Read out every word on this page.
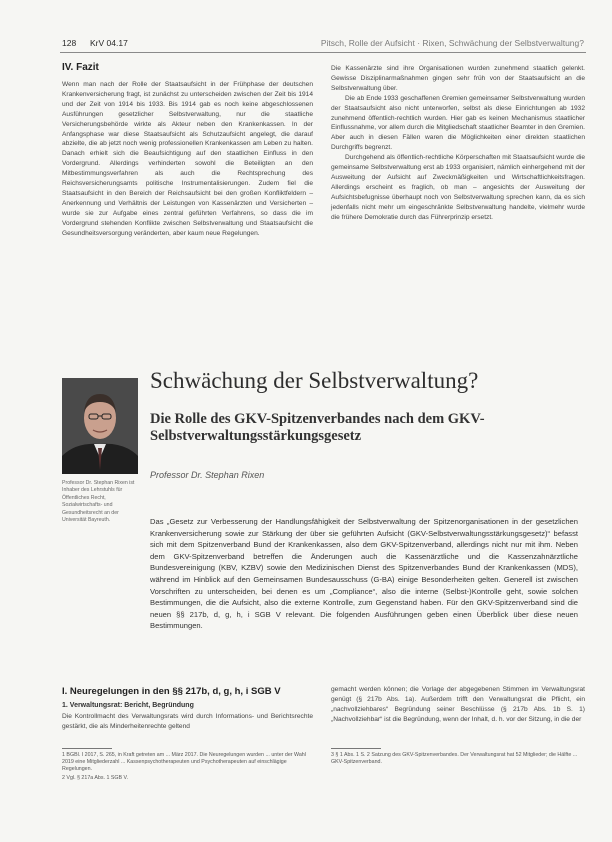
128 KrV 04.17	Pitsch, Rolle der Aufsicht · Rixen, Schwächung der Selbstverwaltung?
IV. Fazit

Wenn man nach der Rolle der Staatsaufsicht in der Frühphase der deutschen Krankenversicherung fragt, ist zunächst zu unterscheiden zwischen der Zeit bis 1914 und der Zeit von 1914 bis 1933. Bis 1914 gab es noch keine abgeschlossenen Ausführungen gesetzlicher Selbstverwaltung, nur die staatliche Versicherungsbehörde wirkte als Akteur neben den Krankenkassen. In der Anfangsphase war diese Staatsaufsicht als Schutzaufsicht angelegt, die darauf abzielte, die ab jetzt noch wenig professionellen Krankenkassen am Leben zu halten. Danach erhielt sich die Beaufsichtigung auf den staatlichen Einfluss in den Vordergrund. Allerdings verhinderten sowohl die Beteiligten an den Mitbestimmungsverfahren als auch die Rechtsprechung des Reichsversicherungsamts politische Instrumentalisierungen. Zudem fiel die Staatsaufsicht in den Bereich der Reichsaufsicht bei den großen Konfliktfeldern – Anerkennung und Verhältnis der Leistungen von Kassenärzten und Versicherten – wurde sie zur Aufgabe eines zentral geführten Verfahrens, so dass die im Vordergrund stehenden Konflikte zwischen Selbstverwaltung und Staatsaufsicht die Gesundheitsversorgung veränderten, aber kaum neue Regelungen.

Die Kassenärzte sind ihre Organisationen wurden zunehmend staatlich gelenkt. Gewisse Disziplinarmaßnahmen gingen sehr früh von der Staatsaufsicht an die Selbstverwaltung über.

Die ab Ende 1933 geschaffenen Gremien gemeinsamer Selbstverwaltung wurden der Staatsaufsicht also nicht unterworfen, selbst als diese Einrichtungen ab 1932 zunehmend öffentlich-rechtlich wurden. Hier gab es keinen Mechanismus staatlicher Einflussnahme, vor allem durch die Mitgliedschaft staatlicher Beamter in den Gremien. Aber auch in diesen Fällen waren die Möglichkeiten einer direkten staatlichen Durchgriffs begrenzt.

Durchgehend als öffentlich-rechtliche Körperschaften mit Staatsaufsicht wurde die gemeinsame Selbstverwaltung erst ab 1933 organisiert, nämlich einhergehend mit der Ausweitung der Aufsicht auf Zweckmäßigkeiten und Wirtschaftlichkeitsfragen. Allerdings erscheint es fraglich, ob man – angesichts der Ausweitung der Aufsichtsbefugnisse überhaupt noch von Selbstverwaltung sprechen kann, da es sich jedenfalls nicht mehr um eingeschränkte Selbstverwaltung handelte, vielmehr wurde die frühere Demokratie durch das Führerprinzip ersetzt.

Professor Dr. Stephan Rixen ist Inhaber des Lehrstuhls für Öffentliches Recht, Sozialwirtschafts- und Gesundheitsrecht an der Universität Bayreuth.
Schwächung der Selbstverwaltung?
Die Rolle des GKV-Spitzenverbandes nach dem GKV-Selbstverwaltungsstärkungsgesetz
Professor Dr. Stephan Rixen
Das „Gesetz zur Verbesserung der Handlungsfähigkeit der Selbstverwaltung der Spitzenorganisationen in der gesetzlichen Krankenversicherung sowie zur Stärkung der über sie geführten Aufsicht (GKV-Selbstverwaltungsstärkungsgesetz)“ befasst sich mit dem Spitzenverband Bund der Krankenkassen, also dem GKV-Spitzenverband, allerdings nicht nur mit ihm. Neben dem GKV-Spitzenverband betreffen die Änderungen auch die Kassenärztliche und die Kassenzahnärztliche Bundesvereinigung (KBV, KZBV) sowie den Medizinischen Dienst des Spitzenverbandes Bund der Krankenkassen (MDS), während im Hinblick auf den Gemeinsamen Bundesausschuss (G-BA) einige Besonderheiten gelten. Generell ist zwischen Vorschriften zu unterscheiden, bei denen es um „Compliance“, also die interne (Selbst-)Kontrolle geht, sowie solchen Bestimmungen, die die Aufsicht, also die externe Kontrolle, zum Gegenstand haben. Für den GKV-Spitzenverband sind die neuen §§ 217b, d, g, h, i SGB V relevant. Die folgenden Ausführungen geben einen Überblick über diese neuen Bestimmungen.
I. Neuregelungen in den §§ 217b, d, g, h, i SGB V
1. Verwaltungsrat: Bericht, Begründung

Die Kontrollmacht des Verwaltungsrats wird durch Informations- und Berichtsrechte gestärkt, die als Minderheitenrechte geltend

gemacht werden können; die Vorlage der abgegebenen Stimmen im Verwaltungsrat genügt (§ 217b Abs. 1a). Außerdem trifft den Verwaltungsrat die Pflicht, ein „nachvollziehbares“ Begründung seiner Beschlüsse (§ 217b Abs. 1b S. 1) „Nachvollziehbar“ ist die Begründung, wenn der Inhalt, d. h. vor der Sitzung, in die der

1 BGBl. I 2017, S. 265, in Kraft getreten am ... März 2017. Die Neuregelungen wurden ... unter der Wahl 2019 eine Mitgliederzahl ... Kassenpsychotherapeuten und Psychotherapeuten auf einschlägige Regelungen.
2 Vgl. § 217a Abs. 1 SGB V.
3 § 1 Abs. 1 S. 2 Satzung des GKV-Spitzenverbandes. Der Verwaltungsrat hat 52 Mitglieder; die Hälfte ... GKV-Spitzenverband.
